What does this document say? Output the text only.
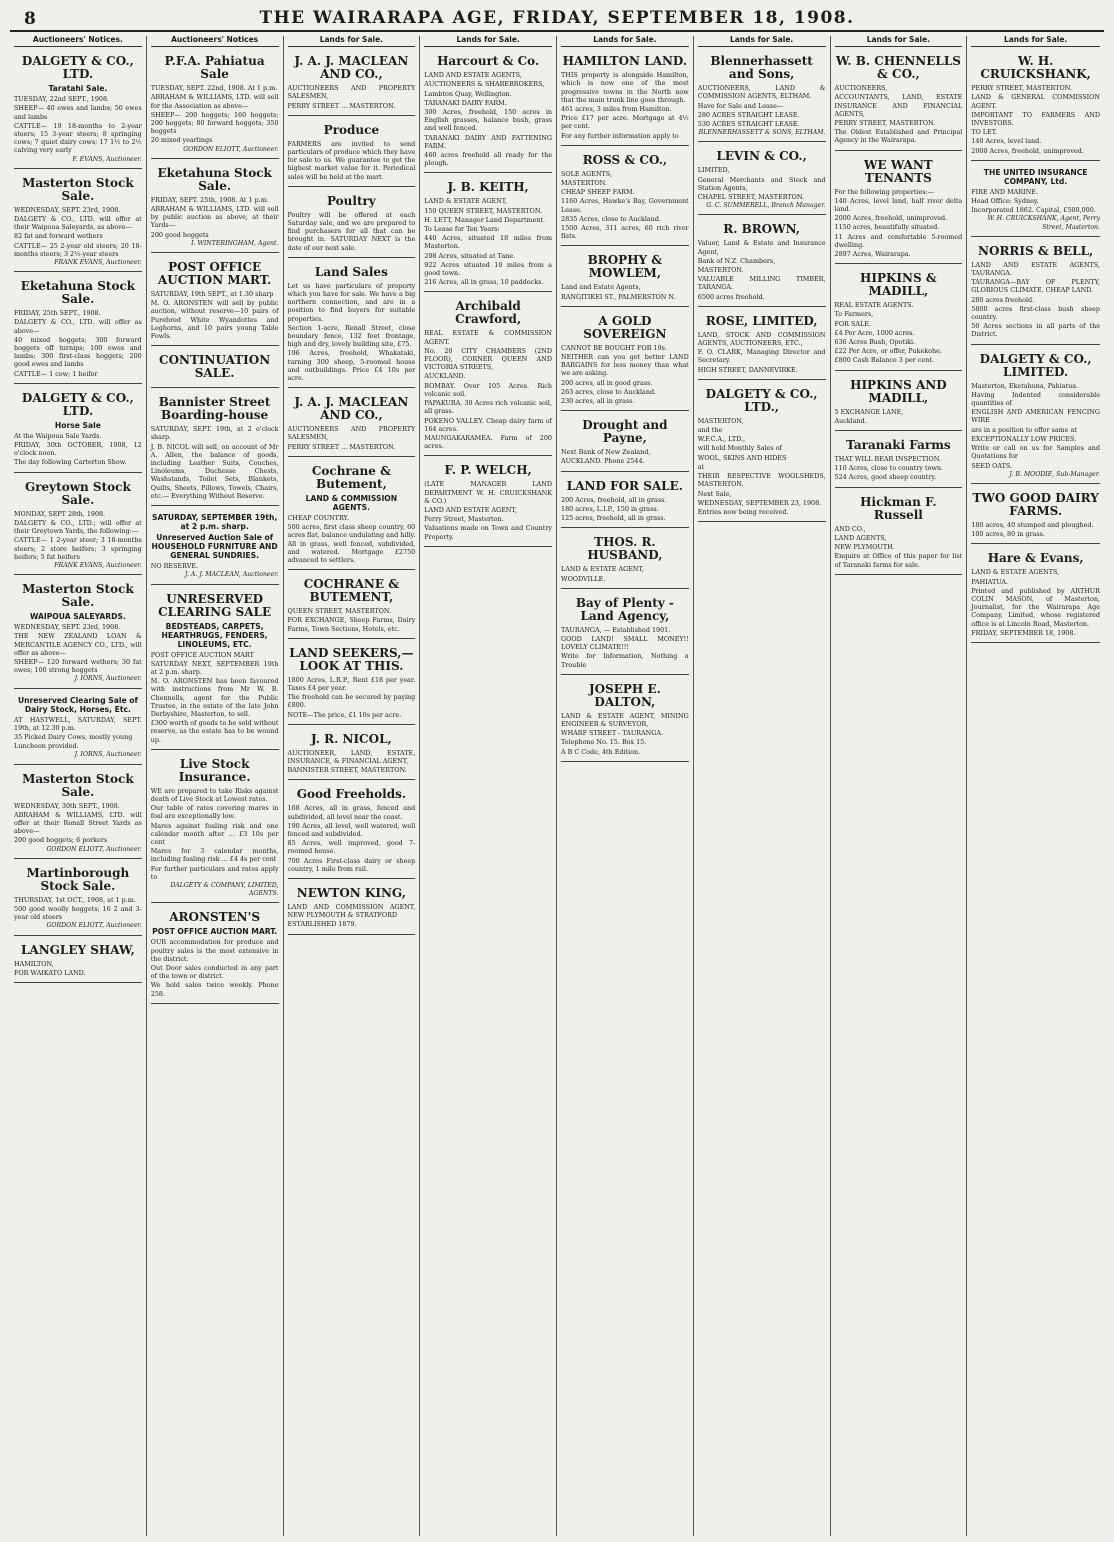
8	THE WAIRARAPA AGE, FRIDAY, SEPTEMBER 18, 1908.
Auctioneers' Notices.
DALGETY & CO., LTD.
Taratahi Sale.
TUESDAY, 22nd SEPT., 1908.
SHEEP— 40 ewes and lambs; 50 ewes and lambs
CATTLE— 19 18-months to 2-year steers; 15 3-year steers; 8 springing cows; 7 quiet dairy cows; 17 1½ to 2½ calving very early
F. EVANS, Auctioneer.
Masterton Stock Sale.
WEDNESDAY, SEPT. 23rd, 1908.
DALGETY & CO., LTD. will offer at their Waipoua Saleyards, as above—
82 fat and forward wethers
CATTLE— 25 2-year old steers; 20 18-months steers; 3 2½-year steers
FRANK EVANS, Auctioneer.
Eketahuna Stock Sale.
FRIDAY, 25th SEPT., 1908.
DALGETY & CO., LTD. will offer as above—
40 mixed hoggets; 300 forward hoggets off turnips; 100 ewes and lambs; 300 first-class hoggets; 200 good ewes and lambs
CATTLE— 1 cow; 1 heifer
DALGETY & CO., LTD.
Horse Sale
At the Waipoua Sale Yards.
FRIDAY, 30th OCTOBER, 1908, 12 o'clock noon.
The day following Carterton Show.
Greytown Stock Sale.
MONDAY, SEPT 28th, 1908.
DALGETY & CO., LTD.; will offer at their Greytown Yards, the following:—
CATTLE— 1 2-year steer; 3 18-months steers; 2 store heifers; 3 springing heifers; 5 fat heifers
FRANK EVANS, Auctioneer.
Masterton Stock Sale.
WAIPOUA SALEYARDS.
WEDNESDAY, SEPT. 23rd, 1908.
THE NEW ZEALAND LOAN & MERCANTILE AGENCY CO., LTD., will offer as above—
SHEEP— 120 forward wethers; 30 fat ewes; 100 strong hoggets
J. IORNS, Auctioneer.
Unreserved Clearing Sale of Dairy Stock, Horses, Etc.
AT HASTWELL, SATURDAY, SEPT. 19th, at 12.30 p.m.
35 Picked Dairy Cows, mostly young
Luncheon provided.
J. IORNS, Auctioneer.
Masterton Stock Sale.
WEDNESDAY, 30th SEPT., 1908.
ABRAHAM & WILLIAMS, LTD. will offer at their Ronall Street Yards as above—
200 good hoggets; 6 porkers
GORDON ELIOTT, Auctioneer.
Martinborough Stock Sale.
THURSDAY, 1st OCT., 1908, at 1 p.m.
500 good woolly hoggets; 16 2 and 3-year old steers
GORDON ELIOTT, Auctioneer.
LANGLEY SHAW,
HAMILTON,
FOR WAIKATO LAND.
Auctioneers' Notices
P.F.A. Pahiatua Sale
TUESDAY, SEPT. 22nd, 1908. At 1 p.m.
ABRAHAM & WILLIAMS, LTD. will sell for the Association as above—
SHEEP— 200 hoggets; 160 hoggets; 200 hoggets; 80 forward hoggets; 350 hoggets
20 mixed yearlings
GORDON ELIOTT, Auctioneer.
Eketahuna Stock Sale.
FRIDAY, SEPT. 25th, 1908. At 1 p.m.
ABRAHAM & WILLIAMS, LTD. will sell by public auction as above, at their Yards—
200 good hoggets
I. WINTERINGHAM, Agent.
POST OFFICE AUCTION MART.
SATURDAY, 19th SEPT., at 1.30 sharp
M. O. ARONSTEN will sell by public auction, without reserve—10 pairs of Purebred White Wyandottes and Leghorns, and 10 pairs young Table Fowls.
CONTINUATION SALE.
Bannister Street Boarding-house
SATURDAY, SEPT. 19th, at 2 o'clock sharp.
J. B. NICOL will sell, on account of Mr A. Allen, the balance of goods, including Leather Suits, Couches, Linoleums, Duchesse Chests, Washstands, Toilet Sets, Blankets, Quilts, Sheets, Pillows, Towels, Chairs, etc.— Everything Without Reserve.
SATURDAY, SEPTEMBER 19th, at 2 p.m. sharp.
Unreserved Auction Sale of HOUSEHOLD FURNITURE AND GENERAL SUNDRIES.
NO RESERVE.
J. A. J. MACLEAN, Auctioneer.
UNRESERVED CLEARING SALE
BEDSTEADS, CARPETS, HEARTHRUGS, FENDERS, LINOLEUMS, ETC.
POST OFFICE AUCTION MART
SATURDAY NEXT, SEPTEMBER 19th at 2 p.m. sharp.
M. O. ARONSTEN has been favoured with instructions from Mr W. B. Chennells, agent for the Public Trustee, in the estate of the late John Derbyshire, Masterton, to sell.
£300 worth of goods to be sold without reserve, as the estate has to be wound up.
Live Stock Insurance.
WE are prepared to take Risks against death of Live Stock at Lowest rates.
Our table of rates covering mares in foal are exceptionally low.
Mares against foaling risk and one calendar month after ... £3 10s per cent
Mares for 3 calendar months, including foaling risk ... £4 4s per cent
For further particulars and rates apply to
DALGETY & COMPANY, LIMITED, AGENTS.
ARONSTEN'S
POST OFFICE AUCTION MART.
OUR accommodation for produce and poultry sales is the most extensive in the district.
Out Door sales conducted in any part of the town or district.
We hold sales twice weekly. Phone 258.
Lands for Sale.
J. A. J. MACLEAN AND CO.,
AUCTIONEERS AND PROPERTY SALESMEN,
PERRY STREET ... MASTERTON.
Produce
FARMERS are invited to send particulars of produce which they have for sale to us. We guarantee to get the highest market value for it. Periodical sales will be held at the mart.
Poultry
Poultry will be offered at each Saturday sale, and we are prepared to find purchasers for all that can be brought in. SATURDAY NEXT is the date of our next sale.
Land Sales
Let us have particulars of property which you have for sale. We have a big northern connection, and are in a position to find buyers for suitable properties.
Section 1-acre, Renall Street, close boundary fence, 132 feet frontage, high and dry, lovely building site, £75.
196 Acres, freehold, Whakataki, turning 300 sheep, 5-roomed house and outbuildings. Price £4 10s per acre.
J. A. J. MACLEAN AND CO.,
AUCTIONEERS AND PROPERTY SALESMEN,
PERRY STREET ... MASTERTON.
Cochrane & Butement,
LAND & COMMISSION AGENTS.
CHEAP COUNTRY.
500 acres, first class sheep country, 60 acres flat, balance undulating and hilly. All in grass, well fenced, subdivided, and watered. Mortgage £2750 advanced to settlers.
COCHRANE & BUTEMENT,
QUEEN STREET, MASTERTON.
FOR EXCHANGE, Sheep Farms, Dairy Farms, Town Sections, Hotels, etc.
LAND SEEKERS,— LOOK AT THIS.
1800 Acres, L.R.P., Rent £18 per year. Taxes £4 per year.
The freehold can be secured by paying £800.
NOTE—The price, £1 10s per acre.
J. R. NICOL,
AUCTIONEER, LAND, ESTATE, INSURANCE, & FINANCIAL AGENT,
BANNISTER STREET, MASTERTON.
Good Freeholds.
168 Acres, all in grass, fenced and subdivided, all level near the coast.
190 Acres, all level, well watered, well fenced and subdivided.
85 Acres, well improved, good 7-roomed house.
700 Acres First-class dairy or sheep country, 1 mile from rail.
NEWTON KING,
LAND AND COMMISSION AGENT, NEW PLYMOUTH & STRATFORD
ESTABLISHED 1879.
Lands for Sale.
Harcourt & Co.
LAND AND ESTATE AGENTS,
AUCTIONEERS & SHAREBROKERS,
Lambton Quay, Wellington.
TARANAKI DAIRY FARM.
300 Acres, freehold, 150 acres in English grasses, balance bush, grass and well fenced.
TARANAKI DAIRY AND FATTENING FARM.
460 acres freehold all ready for the plough.
J. B. KEITH,
LAND & ESTATE AGENT,
150 QUEEN STREET, MASTERTON.
H. LETT, Manager Land Department.
To Lease for Ten Years:
440 Acres, situated 18 miles from Masterton.
208 Acres, situated at Tane.
922 Acres situated 10 miles from a good town.
216 Acres, all in grass, 10 paddocks.
Archibald Crawford,
REAL ESTATE & COMMISSION AGENT.
No. 20 CITY CHAMBERS (2ND FLOOR), CORNER QUEEN AND VICTORIA STREETS,
AUCKLAND.
BOMBAY. Over 105 Acres. Rich volcanic soil.
PAPAKURA. 30 Acres rich volcanic soil, all grass.
POKENO VALLEY. Cheap dairy farm of 164 acres.
MAUNGAKARAMEA. Farm of 200 acres.
F. P. WELCH,
(LATE MANAGER LAND DEPARTMENT W. H. CRUICKSHANK & CO.)
LAND AND ESTATE AGENT,
Perry Street, Masterton.
Valuations made on Town and Country Property.
Lands for Sale.
HAMILTON LAND.
THIS property is alongside Hamilton, which is now one of the most progressive towns in the North now that the main trunk line goes through.
461 acres, 3 miles from Hamilton.
Price £17 per acre. Mortgage at 4½ per cent.
For any further information apply to
ROSS & CO.,
SOLE AGENTS,
MASTERTON.
CHEAP SHEEP FARM.
1160 Acres, Hawke's Bay, Government Lease.
2835 Acres, close to Auckland.
1500 Acres, 311 acres, 60 rich river flats.
BROPHY & MOWLEM,
Land and Estate Agents,
RANGITIKEI ST., PALMERSTON N.
A GOLD SOVEREIGN
CANNOT BE BOUGHT FOR 19s.
NEITHER can you get better LAND BARGAINS for less money than what we are asking.
200 acres, all in good grass.
263 acres, close to Auckland.
230 acres, all in grass.
Drought and Payne,
Next Bank of New Zealand,
AUCKLAND. Phone 2544.
LAND FOR SALE.
200 Acres, freehold, all in grass.
180 acres, L.I.P., 150 in grass.
125 acres, freehold, all in grass.
THOS. R. HUSBAND,
LAND & ESTATE AGENT,
WOODVILLE.
Bay of Plenty - Land Agency,
TAURANGA, — Established 1901.
GOOD LAND! SMALL MONEY!! LOVELY CLIMATE!!!
Write for Information, Nothing a Trouble
JOSEPH E. DALTON,
LAND & ESTATE AGENT, MINING ENGINEER & SURVEYOR,
WHARF STREET - TAURANGA.
Telephone No. 15. Box 15.
A B C Code, 4th Edition.
Lands for Sale.
Blennerhassett and Sons,
AUCTIONEERS, LAND & COMMISSION AGENTS, ELTHAM.
Have for Sale and Lease—
280 ACRES STRAIGHT LEASE.
530 ACRES STRAIGHT LEASE.
BLENNERHASSETT & SONS, ELTHAM.
LEVIN & CO.,
LIMITED,
General Merchants and Stock and Station Agents,
CHAPEL STREET, MASTERTON.
G. C. SUMMERELL, Branch Manager.
R. BROWN,
Valuer, Land & Estate and Insurance Agent,
Bank of N.Z. Chambers,
MASTERTON.
VALUABLE MILLING TIMBER, TARANGA.
6500 acres freehold.
ROSE, LIMITED,
LAND, STOCK AND COMMISSION AGENTS, AUCTIONEERS, ETC.,
F. O. CLARK, Managing Director and Secretary.
HIGH STREET, DANNEVIRKE.
DALGETY & CO., LTD.,
MASTERTON,
and the
W.F.C.A., LTD.,
will hold Monthly Sales of
WOOL, SKINS AND HIDES
at
THEIR RESPECTIVE WOOLSHEDS, MASTERTON.
Next Sale,
WEDNESDAY, SEPTEMBER 23, 1908.
Entries now being received.
Lands for Sale.
W. B. CHENNELLS & CO.,
AUCTIONEERS,
ACCOUNTANTS, LAND, ESTATE INSURANCE AND FINANCIAL AGENTS,
PERRY STREET, MASTERTON.
The Oldest Established and Principal Agency in the Wairarapa.
WE WANT TENANTS
For the following properties:—
140 Acres, level land, half river delta land.
2000 Acres, freehold, unimproved.
1150 acres, beautifully situated.
11 Acres and comfortable 5-roomed dwelling.
2897 Acres, Wairarapa.
HIPKINS & MADILL,
REAL ESTATE AGENTS.
To Farmers,
FOR SALE.
£4 Per Acre, 1000 acres.
636 Acres Bush, Opotiki.
£22 Per Acre, or offer, Pukekohe.
£800 Cash Balance 3 per cent.
HIPKINS AND MADILL,
5 EXCHANGE LANE,
Auckland.
Taranaki Farms
THAT WILL BEAR INSPECTION.
110 Acres, close to country town.
524 Acres, good sheep country.
Hickman F. Russell
AND CO.,
LAND AGENTS,
NEW PLYMOUTH.
Enquire at Office of this paper for list of Taranaki farms for sale.
Lands for Sale.
W. H. CRUICKSHANK,
PERRY STREET, MASTERTON.
LAND & GENERAL COMMISSION AGENT.
IMPORTANT TO FARMERS AND INVESTORS.
TO LET.
140 Acres, level land.
2000 Acres, freehold, unimproved.
THE UNITED INSURANCE COMPANY, Ltd.
FIRE AND MARINE.
Head Office: Sydney.
Incorporated 1862. Capital, £500,000.
W. H. CRUICKSHANK, Agent, Perry Street, Masterton.
NORRIS & BELL,
LAND AND ESTATE AGENTS, TAURANGA.
TAURANGA—BAY OF PLENTY, GLORIOUS CLIMATE. CHEAP LAND.
280 acres freehold.
5800 acres first-class bush sheep country.
50 Acres sections in all parts of the District.
DALGETY & CO., LIMITED.
Masterton, Eketahuna, Pahiatua.
Having Indented considerable quantities of
ENGLISH AND AMERICAN FENCING WIRE
are in a position to offer same at
EXCEPTIONALLY LOW PRICES.
Write or call on us for Samples and Quotations for
SEED OATS.
J. B. MOODIE, Sub-Manager.
TWO GOOD DAIRY FARMS.
180 acres, 40 stumped and ploughed.
100 acres, 80 in grass.
Hare & Evans,
LAND & ESTATE AGENTS,
PAHIATUA.
Printed and published by ARTHUR COLIN MASON, of Masterton, Journalist, for the Wairarapa Age Company, Limited, whose registered office is at Lincoln Road, Masterton.
FRIDAY, SEPTEMBER 18, 1908.
